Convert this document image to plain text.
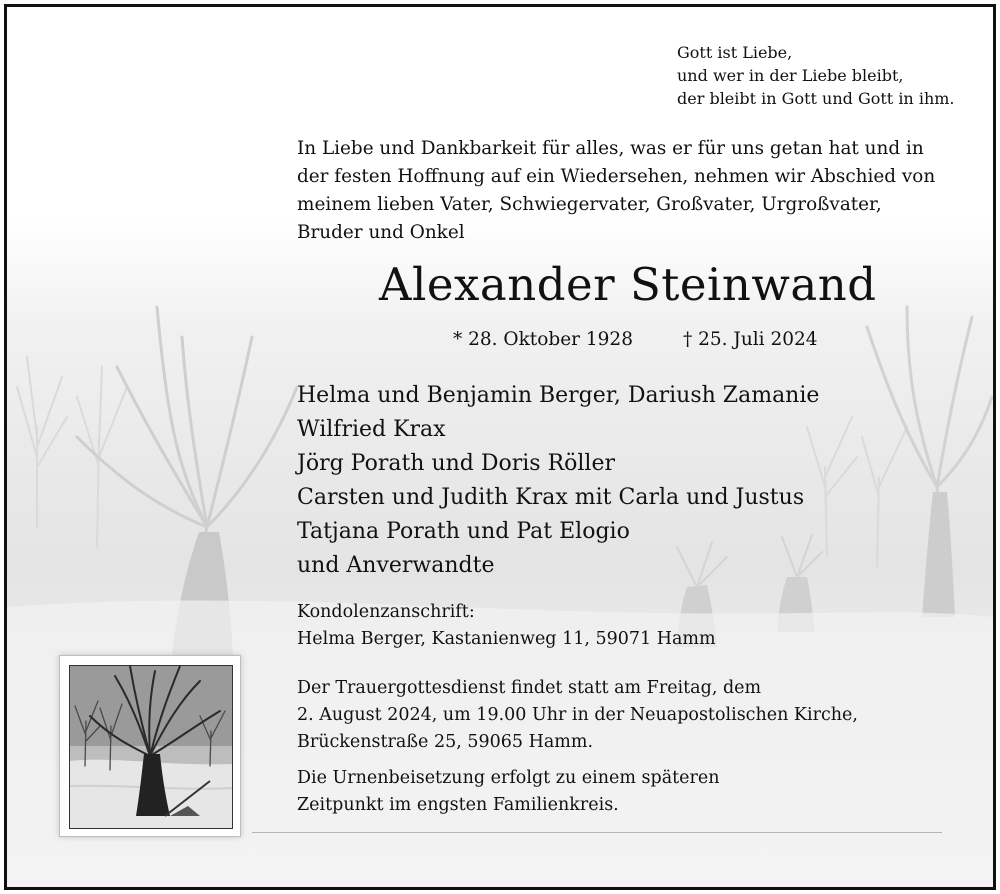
Gott ist Liebe,
und wer in der Liebe bleibt,
der bleibt in Gott und Gott in ihm.
In Liebe und Dankbarkeit für alles, was er für uns getan hat und in
der festen Hoffnung auf ein Wiedersehen, nehmen wir Abschied von
meinem lieben Vater, Schwiegervater, Großvater, Urgroßvater,
Bruder und Onkel
Alexander Steinwand
* 28. Oktober 1928	† 25. Juli 2024
Helma und Benjamin Berger, Dariush Zamanie
Wilfried Krax
Jörg Porath und Doris Röller
Carsten und Judith Krax mit Carla und Justus
Tatjana Porath und Pat Elogio
und Anverwandte
Kondolenzanschrift:
Helma Berger, Kastanienweg 11, 59071 Hamm
Der Trauergottesdienst findet statt am Freitag, dem
2. August 2024, um 19.00 Uhr in der Neuapostolischen Kirche,
Brückenstraße 25, 59065 Hamm.
Die Urnenbeisetzung erfolgt zu einem späteren
Zeitpunkt im engsten Familienkreis.
